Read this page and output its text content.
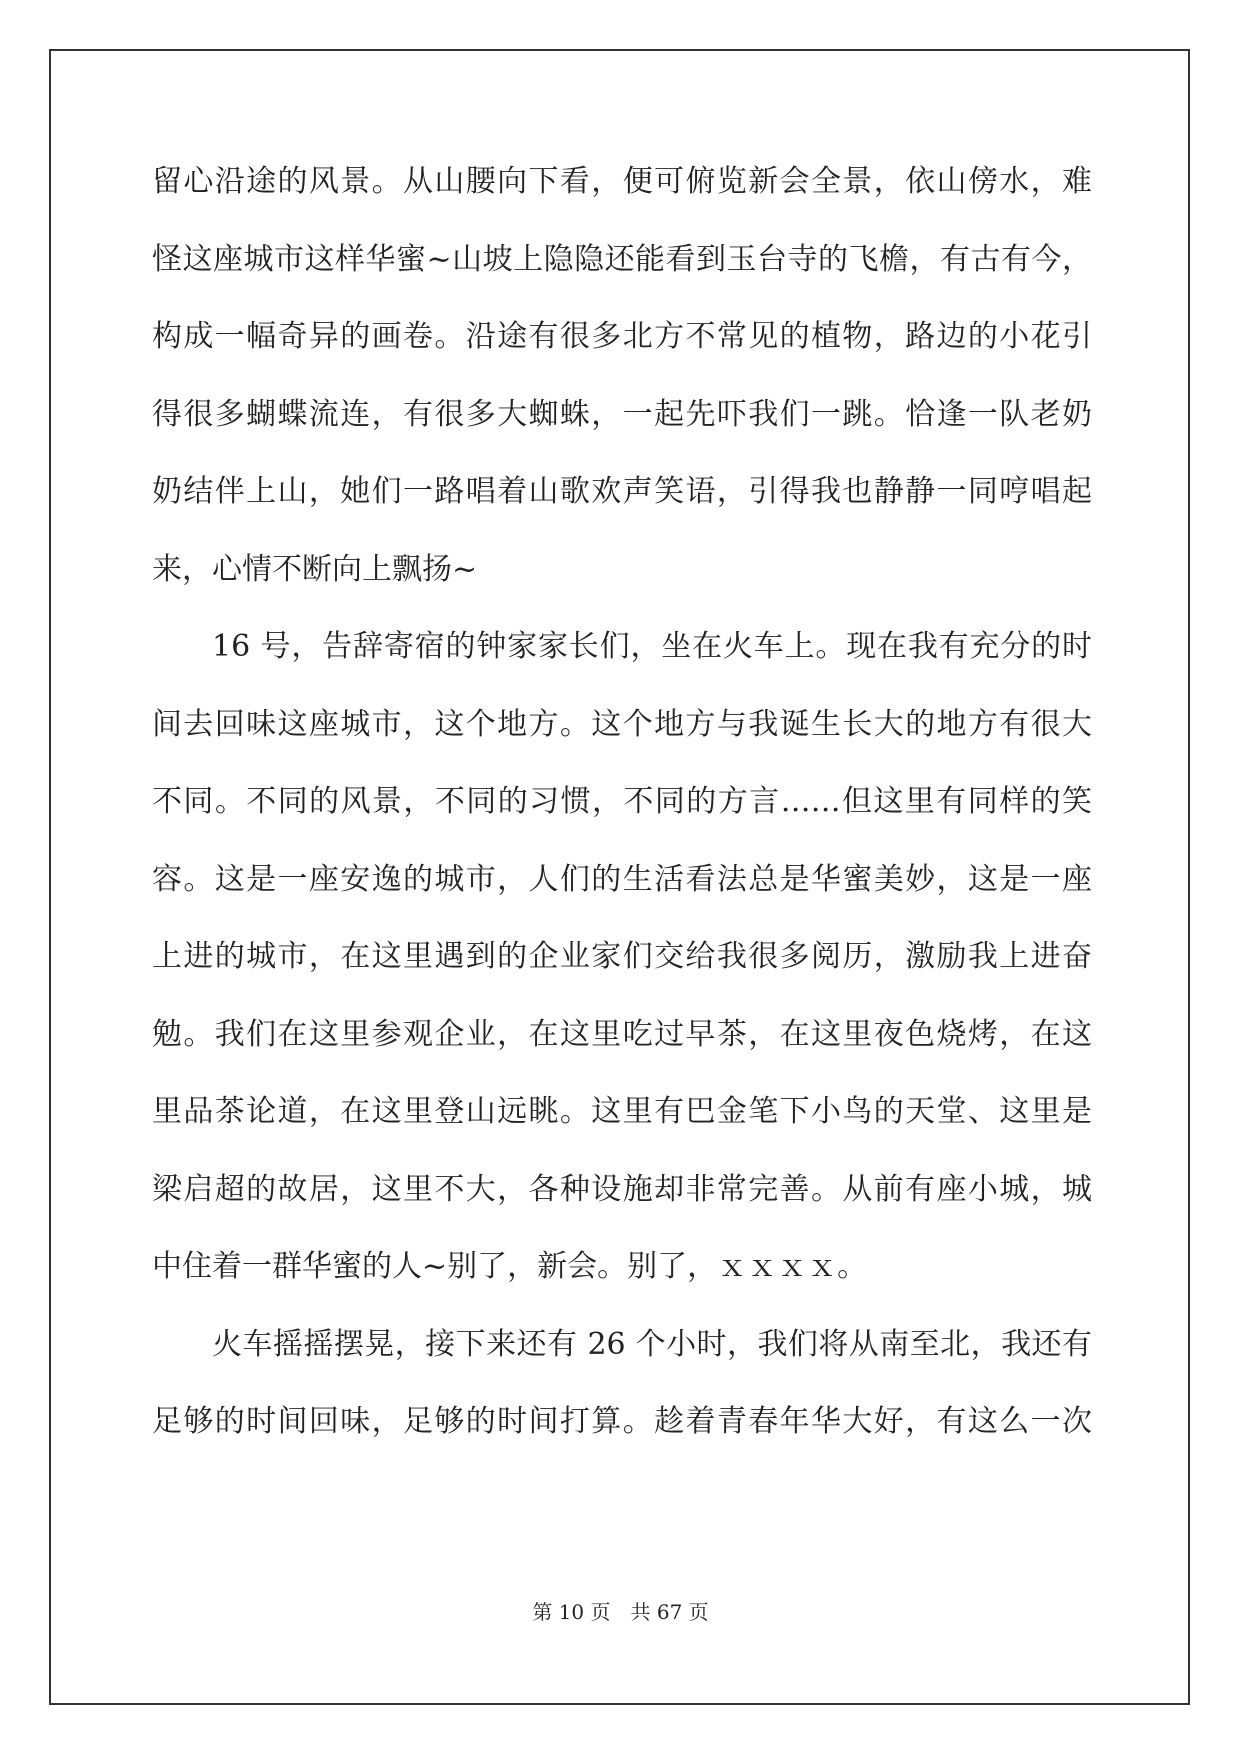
留心沿途的风景。从山腰向下看，便可俯览新会全景，依山傍水，难
怪这座城市这样华蜜~山坡上隐隐还能看到玉台寺的飞檐，有古有今，
构成一幅奇异的画卷。沿途有很多北方不常见的植物，路边的小花引
得很多蝴蝶流连，有很多大蜘蛛，一起先吓我们一跳。恰逢一队老奶
奶结伴上山，她们一路唱着山歌欢声笑语，引得我也静静一同哼唱起
来，心情不断向上飘扬~
16 号，告辞寄宿的钟家家长们，坐在火车上。现在我有充分的时
间去回味这座城市，这个地方。这个地方与我诞生长大的地方有很大
不同。不同的风景，不同的习惯，不同的方言……但这里有同样的笑
容。这是一座安逸的城市，人们的生活看法总是华蜜美妙，这是一座
上进的城市，在这里遇到的企业家们交给我很多阅历，激励我上进奋
勉。我们在这里参观企业，在这里吃过早茶，在这里夜色烧烤，在这
里品茶论道，在这里登山远眺。这里有巴金笔下小鸟的天堂、这里是
梁启超的故居，这里不大，各种设施却非常完善。从前有座小城，城
中住着一群华蜜的人~别了，新会。别了，ｘｘｘｘ。
火车摇摇摆晃，接下来还有 26 个小时，我们将从南至北，我还有
足够的时间回味，足够的时间打算。趁着青春年华大好，有这么一次
第 10 页　共 67 页
